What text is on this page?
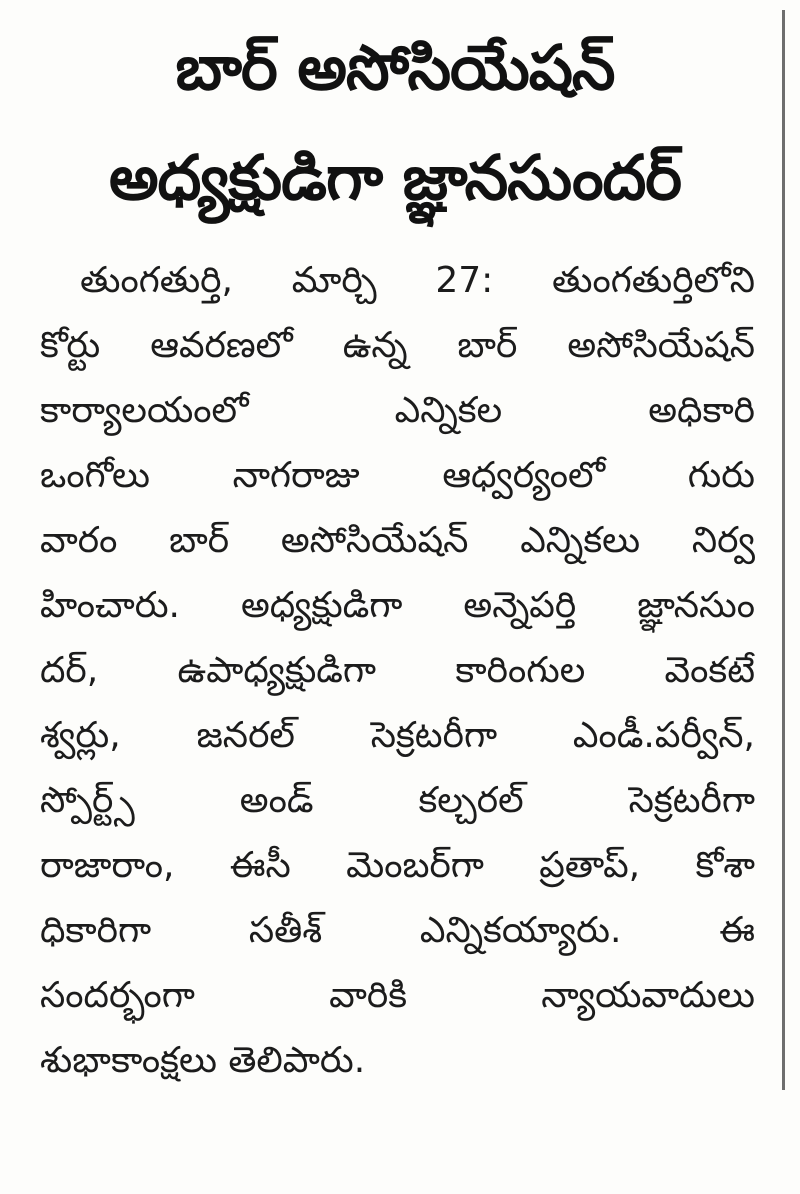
బార్ అసోసియేషన్
అధ్యక్షుడిగా జ్ఞానసుందర్
తుంగతుర్తి, మార్చి 27: తుంగతుర్తిలోని
కోర్టు ఆవరణలో ఉన్న బార్ అసోసియేషన్
కార్యాలయంలో ఎన్నికల అధికారి
ఒంగోలు నాగరాజు ఆధ్వర్యంలో గురు
వారం బార్ అసోసియేషన్ ఎన్నికలు నిర్వ
హించారు. అధ్యక్షుడిగా అన్నెపర్తి జ్ఞానసుం
దర్, ఉపాధ్యక్షుడిగా కారింగుల వెంకటే
శ్వర్లు, జనరల్ సెక్రటరీగా ఎండీ.పర్వీన్,
స్పోర్ట్స్ అండ్ కల్చరల్ సెక్రటరీగా
రాజారాం, ఈసీ మెంబర్‌గా ప్రతాప్, కోశా
ధికారిగా సతీశ్ ఎన్నికయ్యారు. ఈ
సందర్భంగా వారికి న్యాయవాదులు
శుభాకాంక్షలు తెలిపారు.
